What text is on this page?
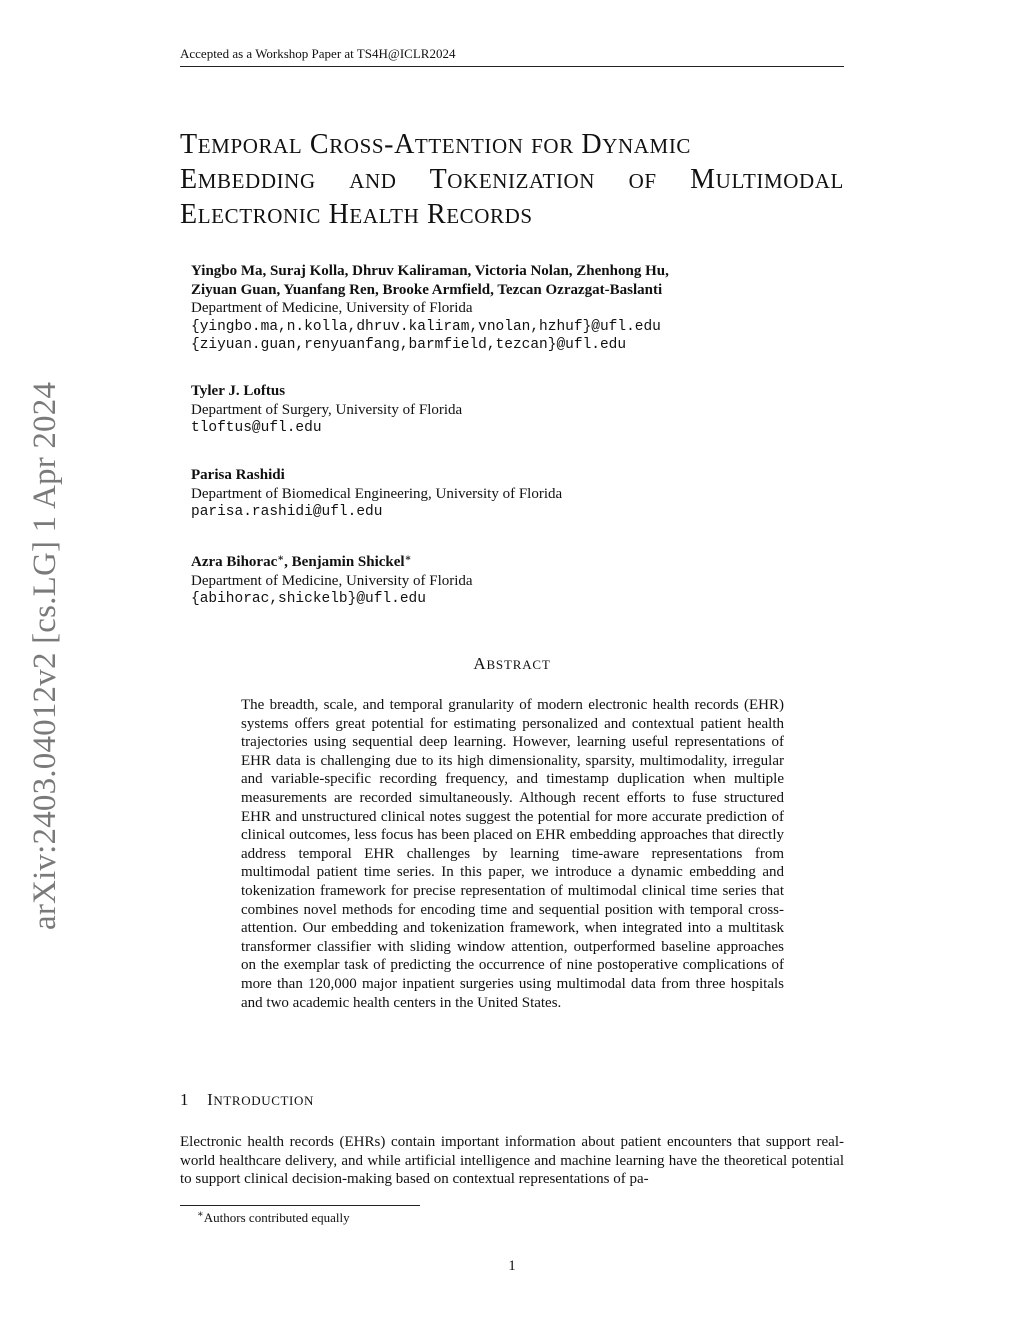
Accepted as a Workshop Paper at TS4H@ICLR2024
arXiv:2403.04012v2 [cs.LG] 1 Apr 2024
TEMPORAL CROSS-ATTENTION FOR DYNAMIC
EMBEDDING AND TOKENIZATION OF MULTIMODAL
ELECTRONIC HEALTH RECORDS
Yingbo Ma, Suraj Kolla, Dhruv Kaliraman, Victoria Nolan, Zhenhong Hu,
Ziyuan Guan, Yuanfang Ren, Brooke Armfield, Tezcan Ozrazgat-Baslanti
Department of Medicine, University of Florida
{yingbo.ma,n.kolla,dhruv.kaliram,vnolan,hzhuf}@ufl.edu
{ziyuan.guan,renyuanfang,barmfield,tezcan}@ufl.edu
Tyler J. Loftus
Department of Surgery, University of Florida
tloftus@ufl.edu
Parisa Rashidi
Department of Biomedical Engineering, University of Florida
parisa.rashidi@ufl.edu
Azra Bihorac∗, Benjamin Shickel∗
Department of Medicine, University of Florida
{abihorac,shickelb}@ufl.edu
ABSTRACT
The breadth, scale, and temporal granularity of modern electronic health records (EHR) systems offers great potential for estimating personalized and contextual patient health trajectories using sequential deep learning. However, learning useful representations of EHR data is challenging due to its high dimensionality, sparsity, multimodality, irregular and variable-specific recording frequency, and timestamp duplication when multiple measurements are recorded simultaneously. Although recent efforts to fuse structured EHR and unstructured clinical notes suggest the potential for more accurate prediction of clinical outcomes, less focus has been placed on EHR embedding approaches that directly address temporal EHR challenges by learning time-aware representations from multimodal patient time series. In this paper, we introduce a dynamic embedding and tokenization framework for precise representation of multimodal clinical time series that combines novel methods for encoding time and sequential position with temporal cross-attention. Our embedding and tokenization framework, when integrated into a multitask transformer classifier with sliding window attention, outperformed baseline approaches on the exemplar task of predicting the occurrence of nine postoperative complications of more than 120,000 major inpatient surgeries using multimodal data from three hospitals and two academic health centers in the United States.
1 INTRODUCTION
Electronic health records (EHRs) contain important information about patient encounters that support real-world healthcare delivery, and while artificial intelligence and machine learning have the theoretical potential to support clinical decision-making based on contextual representations of pa-
∗Authors contributed equally
1
